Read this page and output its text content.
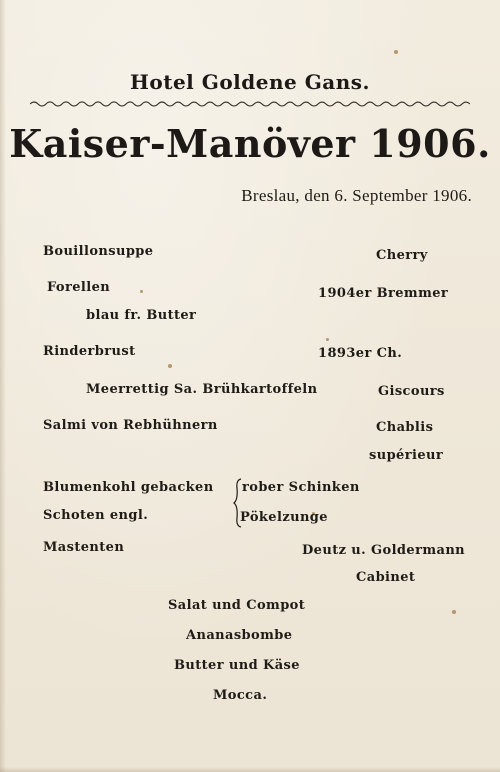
Hotel Goldene Gans.
Kaiser-Manöver 1906.
Breslau, den 6. September 1906.
Bouillonsuppe
Forellen
blau fr. Butter
Rinderbrust
Meerrettig Sa. Brühkartoffeln
Salmi von Rebhühnern
Blumenkohl gebacken
Schoten engl.
rober Schinken
Pökelzunge
Mastenten
Cherry
1904er Bremmer
1893er Ch.
Giscours
Chablis
supérieur
Deutz u. Goldermann
Cabinet
Salat und Compot
Ananasbombe
Butter und Käse
Mocca.
